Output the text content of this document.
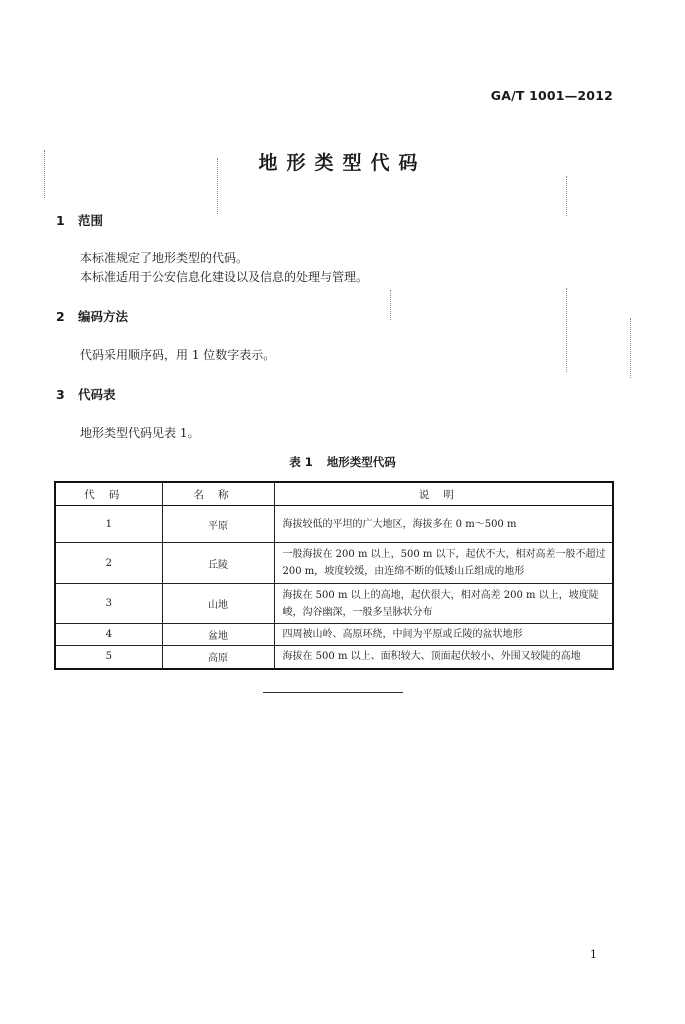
GA/T 1001—2012
地形类型代码
1 范围
本标准规定了地形类型的代码。
本标准适用于公安信息化建设以及信息的处理与管理。
2 编码方法
代码采用顺序码，用 1 位数字表示。
3 代码表
地形类型代码见表 1。
表 1 地形类型代码
代码	名称	说明
1	平原	海拔较低的平坦的广大地区，海拔多在 0 m～500 m
2	丘陵	一般海拔在 200 m 以上，500 m 以下，起伏不大，相对高差一般不超过 200 m，坡度较缓，由连绵不断的低矮山丘组成的地形
3	山地	海拔在 500 m 以上的高地，起伏很大，相对高差 200 m 以上，坡度陡峻，沟谷幽深，一般多呈脉状分布
4	盆地	四周被山岭、高原环绕，中间为平原或丘陵的盆状地形
5	高原	海拔在 500 m 以上、面积较大、顶面起伏较小、外围又较陡的高地
1
